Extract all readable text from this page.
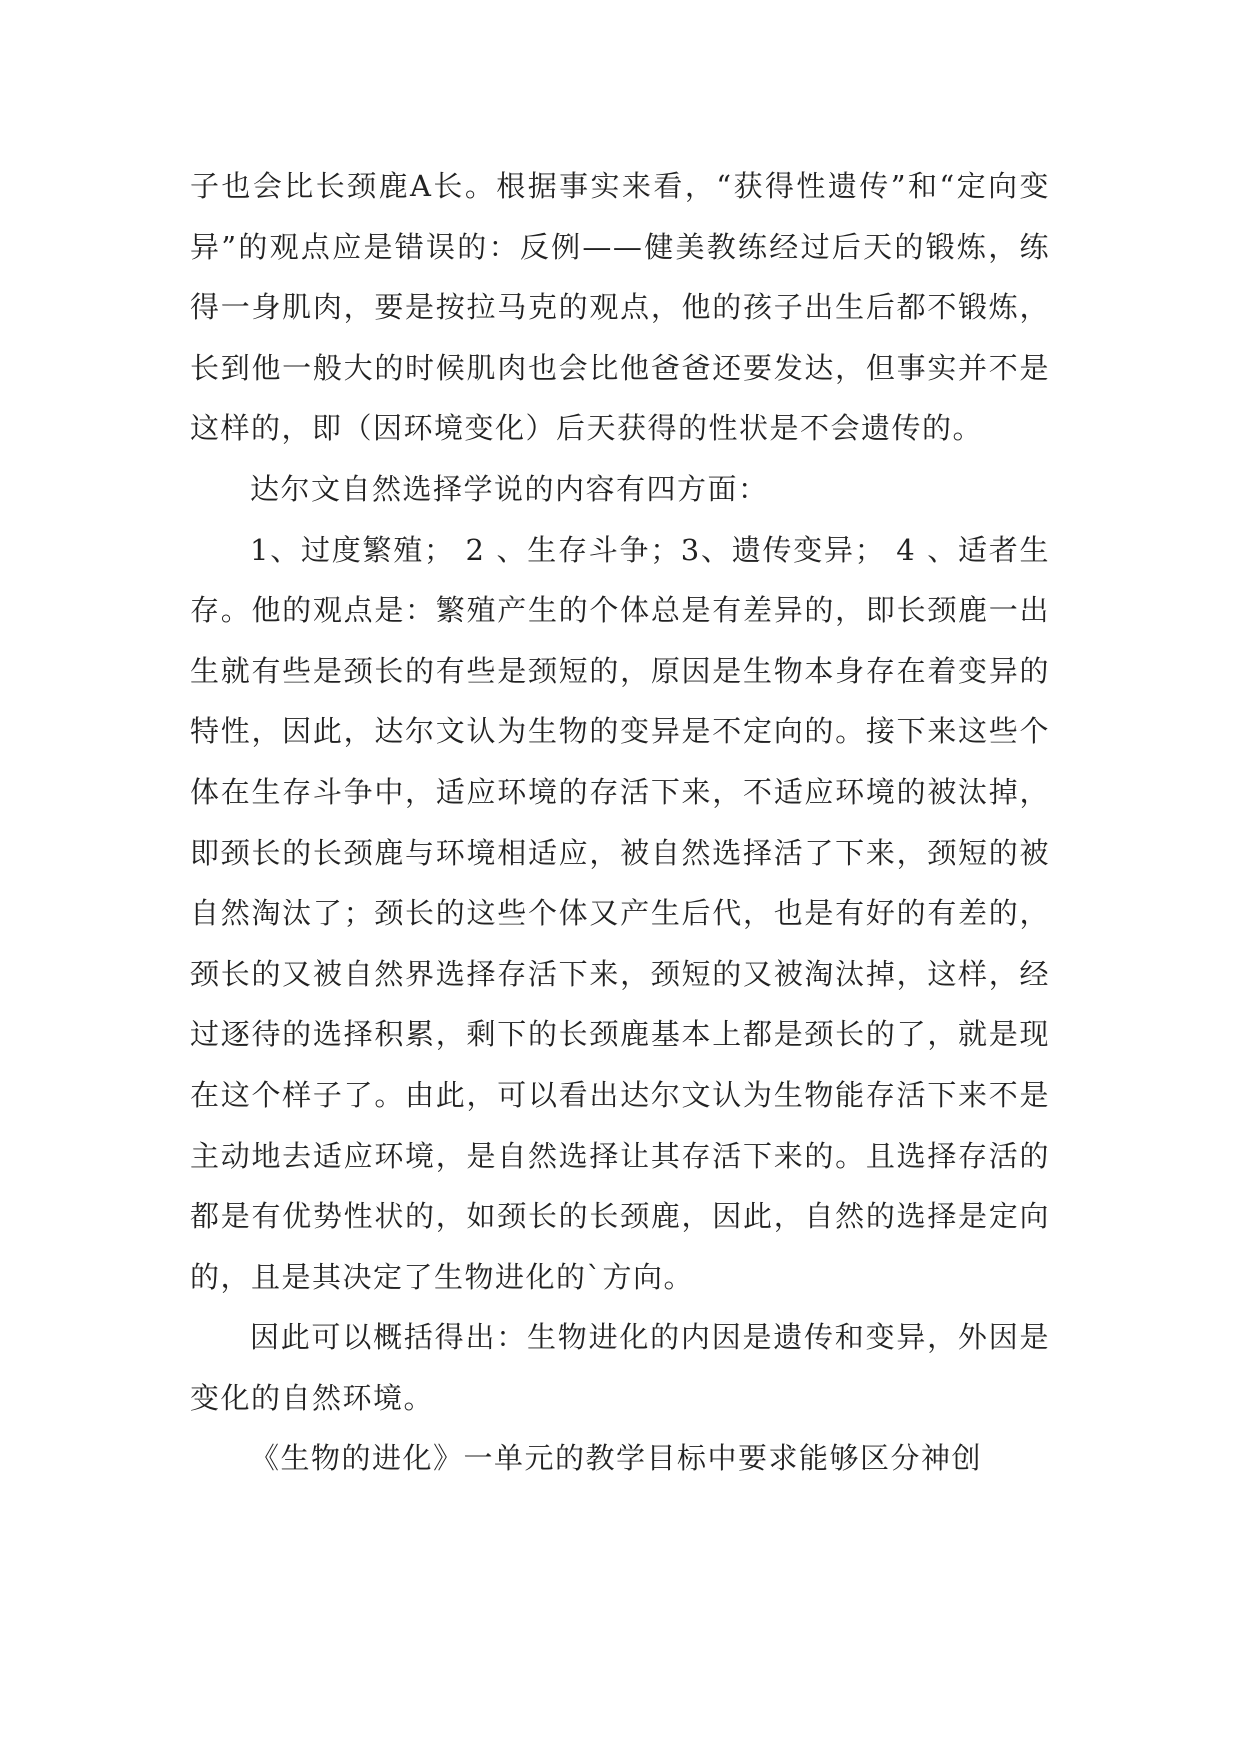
子也会比长颈鹿A长。根据事实来看，“获得性遗传”和“定向变异”的观点应是错误的：反例——健美教练经过后天的锻炼，练得一身肌肉，要是按拉马克的观点，他的孩子出生后都不锻炼，长到他一般大的时候肌肉也会比他爸爸还要发达，但事实并不是这样的，即（因环境变化）后天获得的性状是不会遗传的。

达尔文自然选择学说的内容有四方面：

1、过度繁殖； 2 、生存斗争；3、遗传变异； 4 、适者生存。他的观点是：繁殖产生的个体总是有差异的，即长颈鹿一出生就有些是颈长的有些是颈短的，原因是生物本身存在着变异的特性，因此，达尔文认为生物的变异是不定向的。接下来这些个体在生存斗争中，适应环境的存活下来，不适应环境的被汰掉，即颈长的长颈鹿与环境相适应，被自然选择活了下来，颈短的被自然淘汰了；颈长的这些个体又产生后代，也是有好的有差的，颈长的又被自然界选择存活下来，颈短的又被淘汰掉，这样，经过逐待的选择积累，剩下的长颈鹿基本上都是颈长的了，就是现在这个样子了。由此，可以看出达尔文认为生物能存活下来不是主动地去适应环境，是自然选择让其存活下来的。且选择存活的都是有优势性状的，如颈长的长颈鹿，因此，自然的选择是定向的，且是其决定了生物进化的`方向。

因此可以概括得出：生物进化的内因是遗传和变异，外因是变化的自然环境。

《生物的进化》一单元的教学目标中要求能够区分神创
